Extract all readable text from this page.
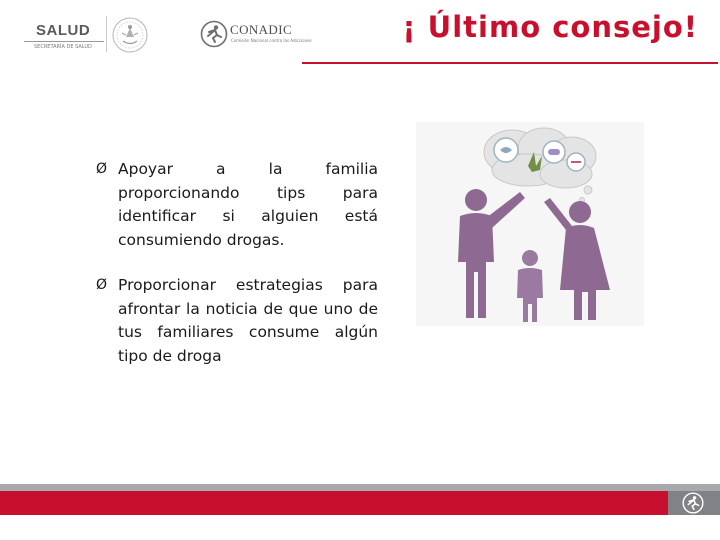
SALUD
SECRETARÍA DE SALUD
CONADIC
Comisión Nacional contra las Adicciones	¡ Último consejo!
Ø Apoyar a la familia proporcionando tips para identificar si alguien está consumiendo drogas.
Ø Proporcionar estrategias para afrontar la noticia de que uno de tus familiares consume algún tipo de droga
